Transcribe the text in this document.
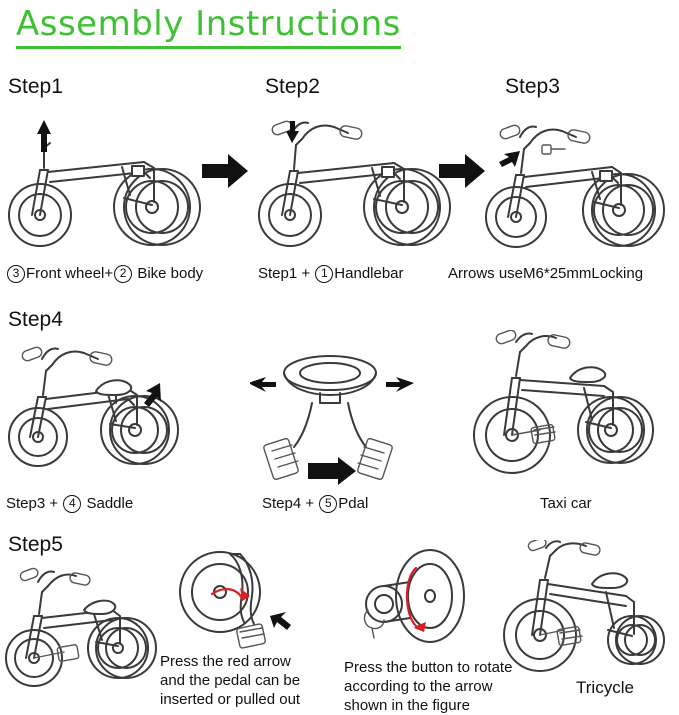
Assembly Instructions
Step1	Step2	Step3
Step4
Step5
3 Front wheel+ 2 Bike body	Step1 + 1 Handlebar	Arrows useM6*25mmLocking
Step3 + 4 Saddle	Step4 + 5 Pdal	Taxi car
Press the red arrow and the pedal can be inserted or pulled out
Press the button to rotate according to the arrow shown in the figure
Tricycle
